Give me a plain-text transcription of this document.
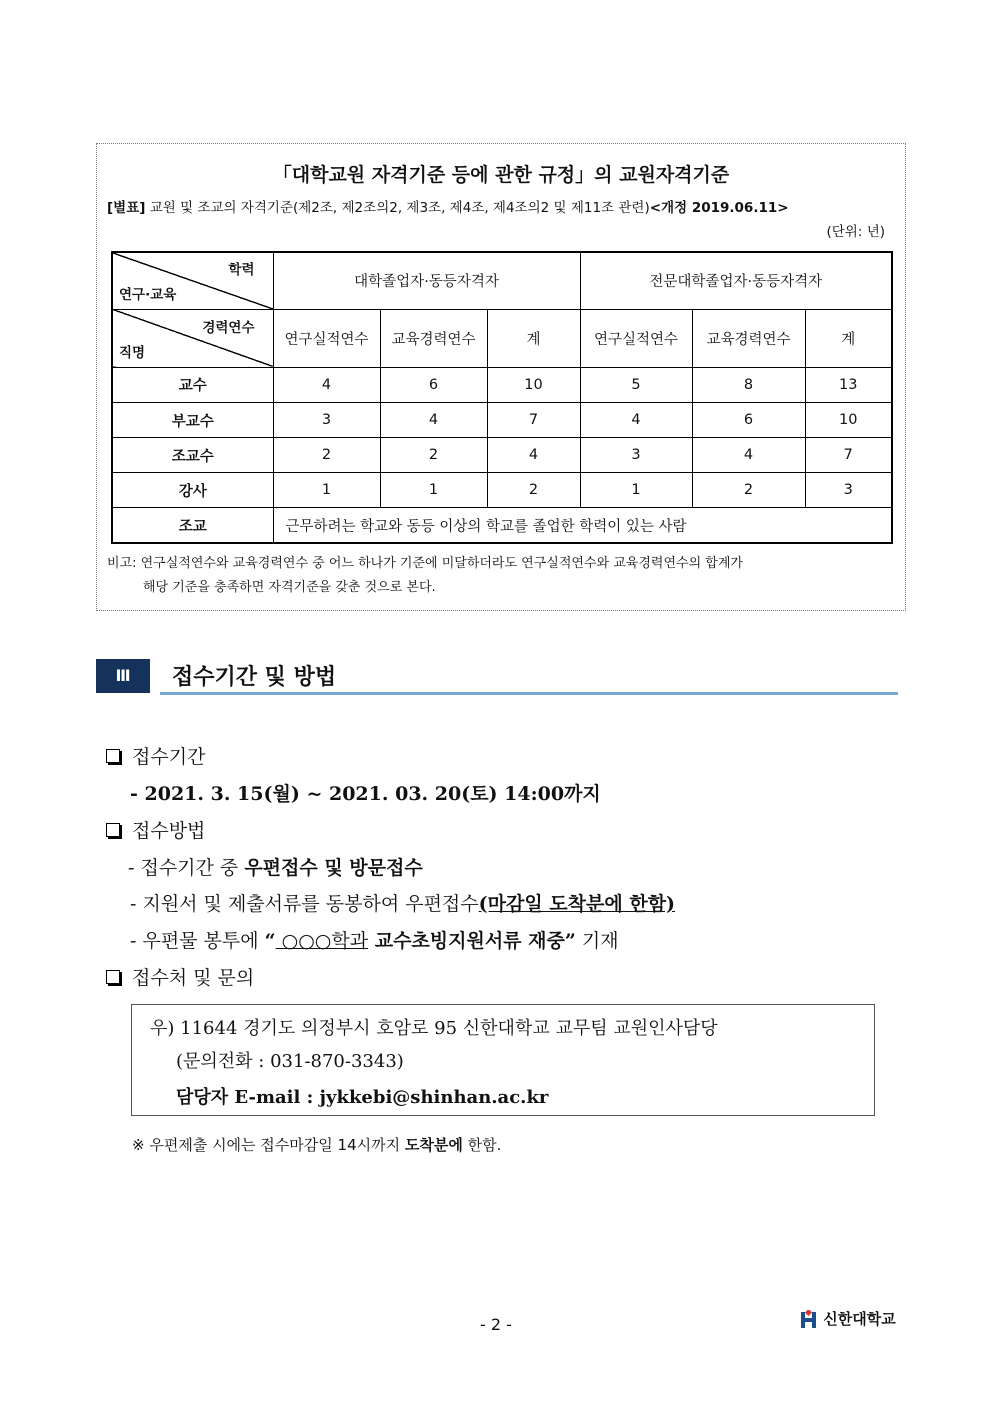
「대학교원 자격기준 등에 관한 규정」의 교원자격기준
[별표] 교원 및 조교의 자격기준(제2조, 제2조의2, 제3조, 제4조, 제4조의2 및 제11조 관련)<개정 2019.06.11>
(단위: 년)
학력
연구·교육	대학졸업자·동등자격자			전문대학졸업자·동등자격자		

경력연수
직명	연구실적연수	교육경력연수	계	연구실적연수	교육경력연수	계
교수	4	6	10	5	8	13
부교수	3	4	7	4	6	10
조교수	2	2	4	3	4	7
강사	1	1	2	1	2	3
조교	근무하려는 학교와 동등 이상의 학교를 졸업한 학력이 있는 사람					
비고: 연구실적연수와 교육경력연수 중 어느 하나가 기준에 미달하더라도 연구실적연수와 교육경력연수의 합계가
해당 기준을 충족하면 자격기준을 갖춘 것으로 본다.
Ⅲ	접수기간 및 방법
접수기간
- 2021. 3. 15(월) ~ 2021. 03. 20(토) 14:00까지
접수방법
- 접수기간 중 우편접수 및 방문접수
- 지원서 및 제출서류를 동봉하여 우편접수(마감일 도착분에 한함)
- 우편물 봉투에 “ ○○○학과 교수초빙지원서류 재중” 기재
접수처 및 문의
우) 11644 경기도 의정부시 호암로 95 신한대학교 교무팀 교원인사담당
(문의전화 : 031-870-3343)
담당자 E-mail : jykkebi@shinhan.ac.kr
※ 우편제출 시에는 접수마감일 14시까지 도착분에 한함.
- 2 -	신한대학교
